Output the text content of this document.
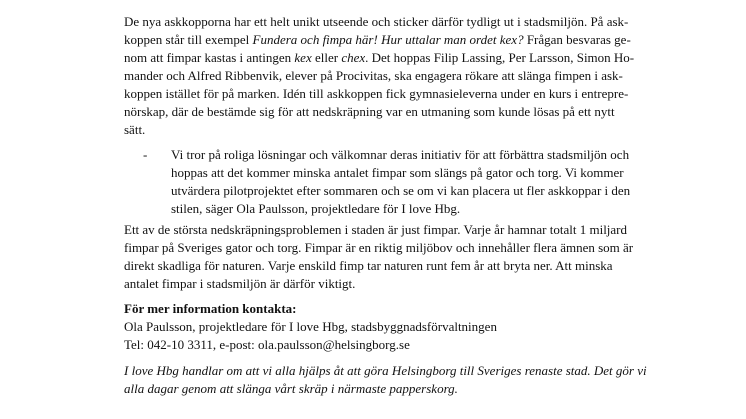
De nya askkopporna har ett helt unikt utseende och sticker därför tydligt ut i stadsmiljön. På ask-
koppen står till exempel Fundera och fimpa här! Hur uttalar man ordet kex? Frågan besvaras ge-
nom att fimpar kastas i antingen kex eller chex. Det hoppas Filip Lassing, Per Larsson, Simon Ho-
mander och Alfred Ribbenvik, elever på Procivitas, ska engagera rökare att slänga fimpen i ask-
koppen istället för på marken. Idén till askkoppen fick gymnasieleverna under en kurs i entrepre-
nörskap, där de bestämde sig för att nedskräpning var en utmaning som kunde lösas på ett nytt
sätt.

- Vi tror på roliga lösningar och välkomnar deras initiativ för att förbättra stadsmiljön och
hoppas att det kommer minska antalet fimpar som slängs på gator och torg. Vi kommer
utvärdera pilotprojektet efter sommaren och se om vi kan placera ut fler askkoppar i den
stilen, säger Ola Paulsson, projektledare för I love Hbg.

Ett av de största nedskräpningsproblemen i staden är just fimpar. Varje år hamnar totalt 1 miljard
fimpar på Sveriges gator och torg. Fimpar är en riktig miljöbov och innehåller flera ämnen som är
direkt skadliga för naturen. Varje enskild fimp tar naturen runt fem år att bryta ner. Att minska
antalet fimpar i stadsmiljön är därför viktigt.

För mer information kontakta:
Ola Paulsson, projektledare för I love Hbg, stadsbyggnadsförvaltningen
Tel: 042-10 3311, e-post: ola.paulsson@helsingborg.se

I love Hbg handlar om att vi alla hjälps åt att göra Helsingborg till Sveriges renaste stad. Det gör vi
alla dagar genom att slänga vårt skräp i närmaste papperskorg.
